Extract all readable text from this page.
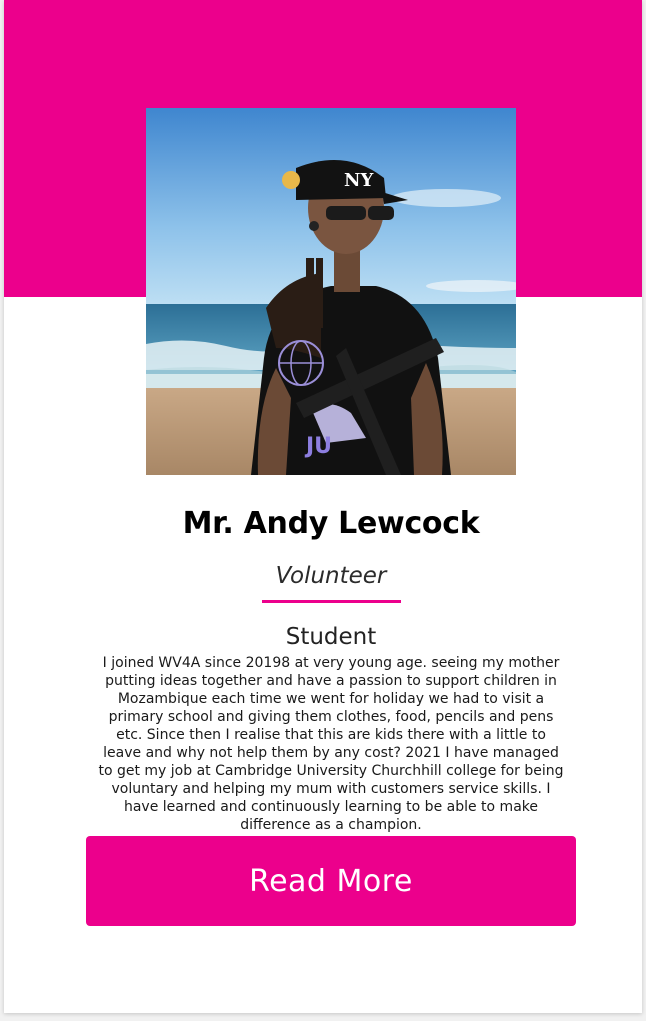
NY
JU
Mr. Andy Lewcock
Volunteer
Student
I joined WV4A since 20198 at very young age. seeing my mother putting ideas together and have a passion to support children in Mozambique each time we went for holiday we had to visit a primary school and giving them clothes, food, pencils and pens etc. Since then I realise that this are kids there with a little to leave and why not help them by any cost? 2021 I have managed to get my job at Cambridge University Churchhill college for being voluntary and helping my mum with customers service skills. I have learned and continuously learning to be able to make difference as a champion.
Read More
